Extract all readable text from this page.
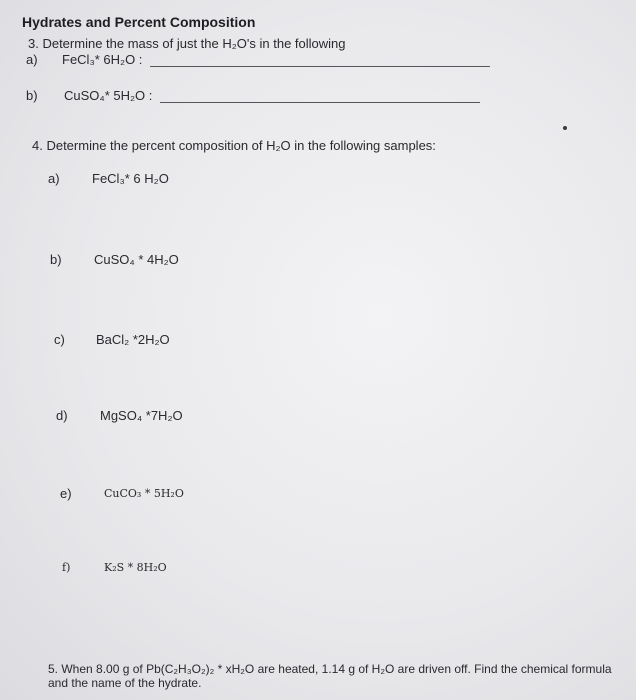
Hydrates and Percent Composition
3. Determine the mass of just the H₂O's in the following
a) FeCl₃* 6H₂O :
b) CuSO₄* 5H₂O :
4. Determine the percent composition of H₂O in the following samples:
a) FeCl₃* 6 H₂O
b) CuSO₄ * 4H₂O
c) BaCl₂ *2H₂O
d) MgSO₄ *7H₂O
e)	CuCO₃ * 5H₂O
f)	K₂S * 8H₂O
5. When 8.00 g of Pb(C₂H₃O₂)₂ * xH₂O are heated, 1.14 g of H₂O are driven off. Find the chemical formula and the name of the hydrate.
